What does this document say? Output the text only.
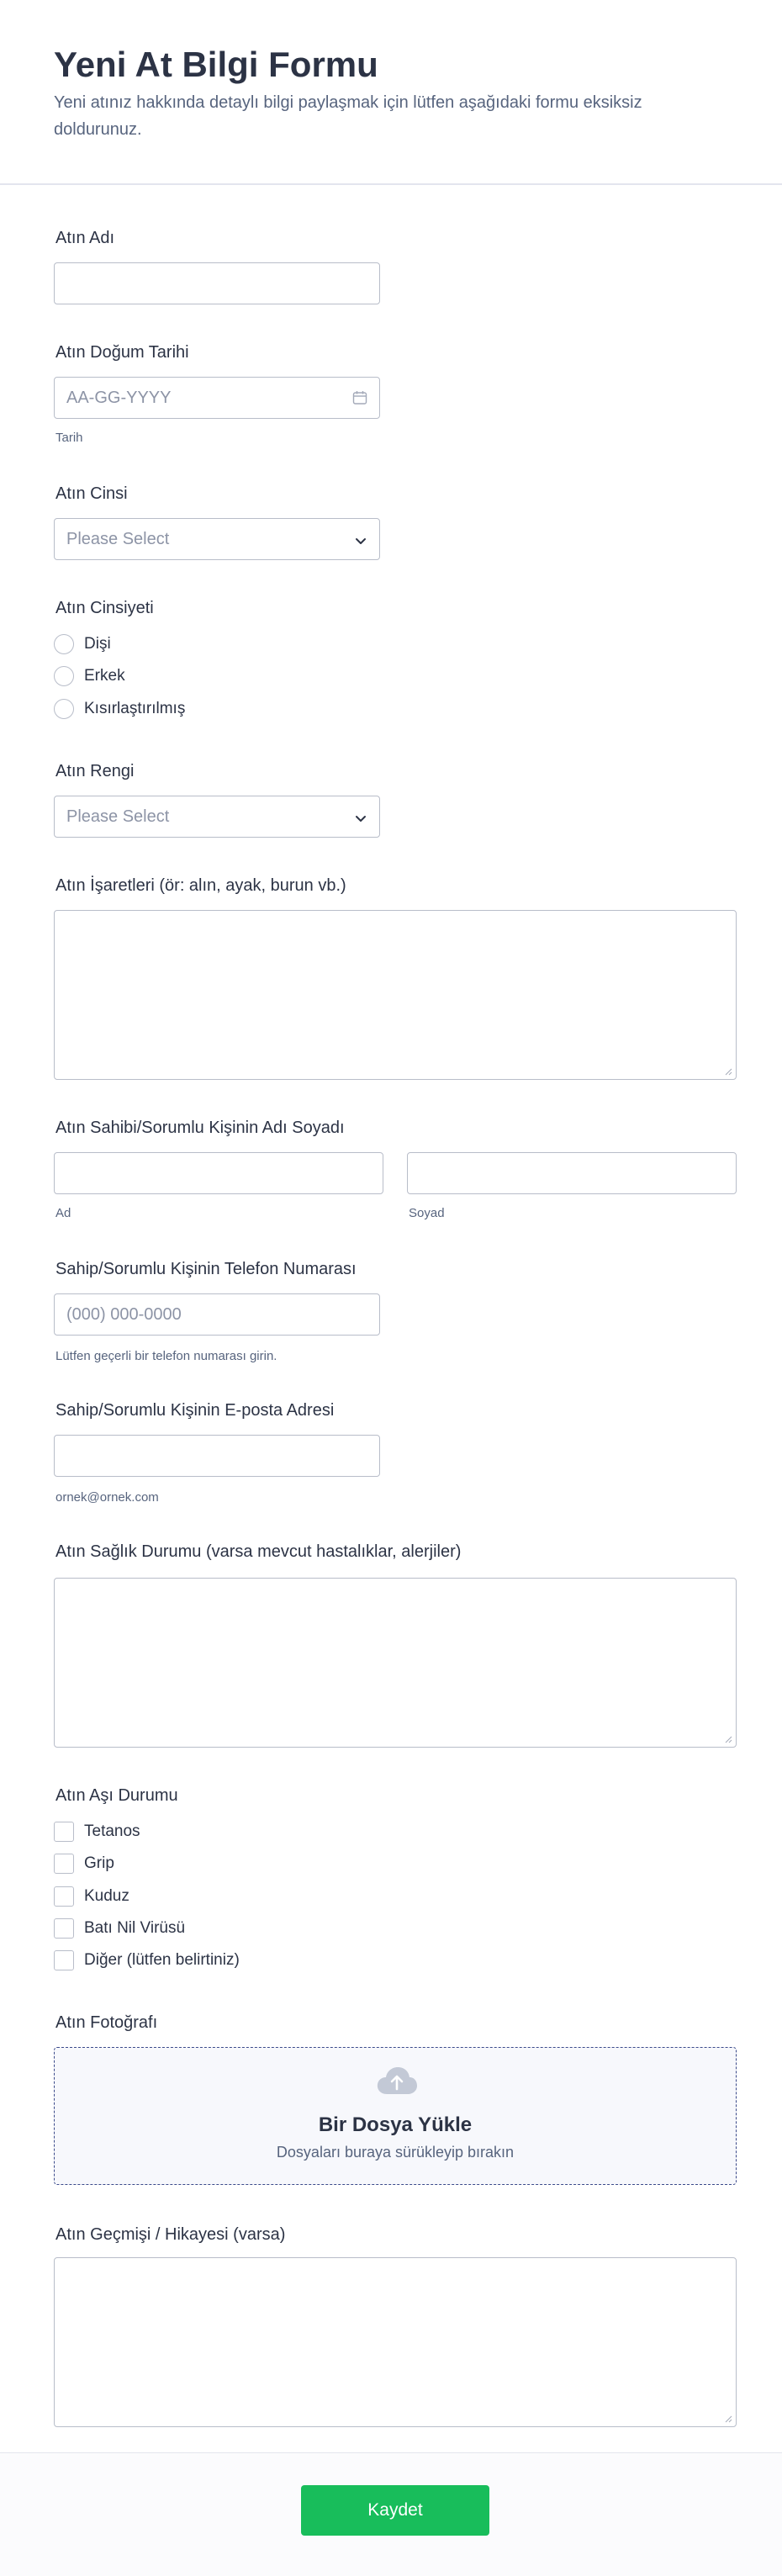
Yeni At Bilgi Formu
Yeni atınız hakkında detaylı bilgi paylaşmak için lütfen aşağıdaki formu eksiksiz doldurunuz.
Atın Adı
Atın Doğum Tarihi
AA-GG-YYYY
Tarih
Atın Cinsi
Please Select
Atın Cinsiyeti
Dişi
Erkek
Kısırlaştırılmış
Atın Rengi
Please Select
Atın İşaretleri (ör: alın, ayak, burun vb.)
Atın Sahibi/Sorumlu Kişinin Adı Soyadı
Ad	Soyad
Sahip/Sorumlu Kişinin Telefon Numarası
(000) 000-0000
Lütfen geçerli bir telefon numarası girin.
Sahip/Sorumlu Kişinin E-posta Adresi
ornek@ornek.com
Atın Sağlık Durumu (varsa mevcut hastalıklar, alerjiler)
Atın Aşı Durumu
Tetanos
Grip
Kuduz
Batı Nil Virüsü
Diğer (lütfen belirtiniz)
Atın Fotoğrafı
Bir Dosya Yükle
Dosyaları buraya sürükleyip bırakın
Atın Geçmişi / Hikayesi (varsa)
Kaydet
